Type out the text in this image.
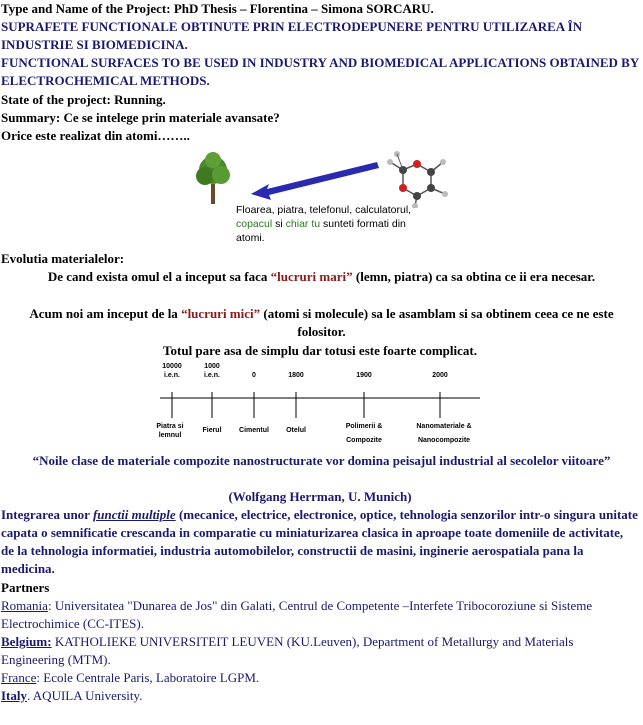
Type and Name of the Project: PhD Thesis – Florentina – Simona SORCARU.
SUPRAFETE FUNCTIONALE OBTINUTE PRIN ELECTRODEPUNERE PENTRU UTILIZAREA ÎN INDUSTRIE SI BIOMEDICINA.
FUNCTIONAL SURFACES TO BE USED IN INDUSTRY AND BIOMEDICAL APPLICATIONS OBTAINED BY ELECTROCHEMICAL METHODS.
State of the project: Running.
Summary: Ce se intelege prin materiale avansate?
Orice este realizat din atomi……..
Floarea, piatra, telefonul, calculatorul, copacul si chiar tu sunteti formati din atomi.
Evolutia materialelor:
De cand exista omul el a inceput sa faca “lucruri mari” (lemn, piatra) ca sa obtina ce ii era necesar.
Acum noi am inceput de la “lucruri mici” (atomi si molecule) sa le asamblam si sa obtinem ceea ce ne este folositor.
Totul pare asa de simplu dar totusi este foarte complicat.
10000 i.e.n.
1000 i.e.n.	0	1800	1900	2000
Piatra si lemnul
Fierul	Cimentul	Otelul
Polimerii & Compozite
Nanomateriale & Nanocompozite
“Noile clase de materiale compozite nanostructurate vor domina peisajul industrial al secolelor viitoare”
(Wolfgang Herrman, U. Munich)
Integrarea unor functii multiple (mecanice, electrice, electronice, optice, tehnologia senzorilor intr-o singura unitate capata o semnificatie crescanda in comparatie cu miniaturizarea clasica in aproape toate domeniile de activitate, de la tehnologia informatiei, industria automobilelor, constructii de masini, inginerie aerospatiala pana la medicina.
Partners
Romania: Universitatea "Dunarea de Jos" din Galati, Centrul de Competente –Interfete Tribocoroziune si Sisteme Electrochimice (CC-ITES).
Belgium: KATHOLIEKE UNIVERSITEIT LEUVEN (KU.Leuven), Department of Metallurgy and Materials Engineering (MTM).
France: Ecole Centrale Paris, Laboratoire LGPM.
Italy. AQUILA University.
